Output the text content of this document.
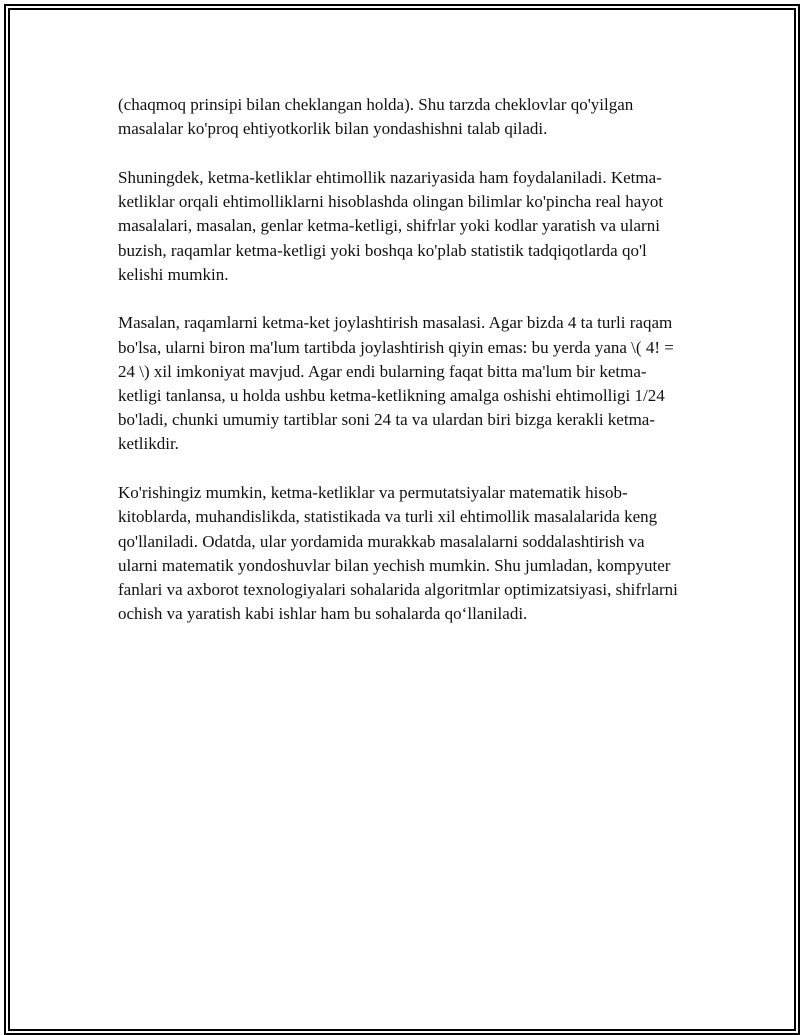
(chaqmoq prinsipi bilan cheklangan holda). Shu tarzda cheklovlar qo'yilgan masalalar ko'proq ehtiyotkorlik bilan yondashishni talab qiladi.

Shuningdek, ketma-ketliklar ehtimollik nazariyasida ham foydalaniladi. Ketma-ketliklar orqali ehtimolliklarni hisoblashda olingan bilimlar ko'pincha real hayot masalalari, masalan, genlar ketma-ketligi, shifrlar yoki kodlar yaratish va ularni buzish, raqamlar ketma-ketligi yoki boshqa ko'plab statistik tadqiqotlarda qo'l kelishi mumkin.

Masalan, raqamlarni ketma-ket joylashtirish masalasi. Agar bizda 4 ta turli raqam bo'lsa, ularni biron ma'lum tartibda joylashtirish qiyin emas: bu yerda yana \( 4! = 24 \) xil imkoniyat mavjud. Agar endi bularning faqat bitta ma'lum bir ketma-ketligi tanlansa, u holda ushbu ketma-ketlikning amalga oshishi ehtimolligi 1/24 bo'ladi, chunki umumiy tartiblar soni 24 ta va ulardan biri bizga kerakli ketma-ketlikdir.

Ko'rishingiz mumkin, ketma-ketliklar va permutatsiyalar matematik hisob-kitoblarda, muhandislikda, statistikada va turli xil ehtimollik masalalarida keng qo'llaniladi. Odatda, ular yordamida murakkab masalalarni soddalashtirish va ularni matematik yondoshuvlar bilan yechish mumkin. Shu jumladan, kompyuter fanlari va axborot texnologiyalari sohalarida algoritmlar optimizatsiyasi, shifrlarni ochish va yaratish kabi ishlar ham bu sohalarda qo‘llaniladi.
